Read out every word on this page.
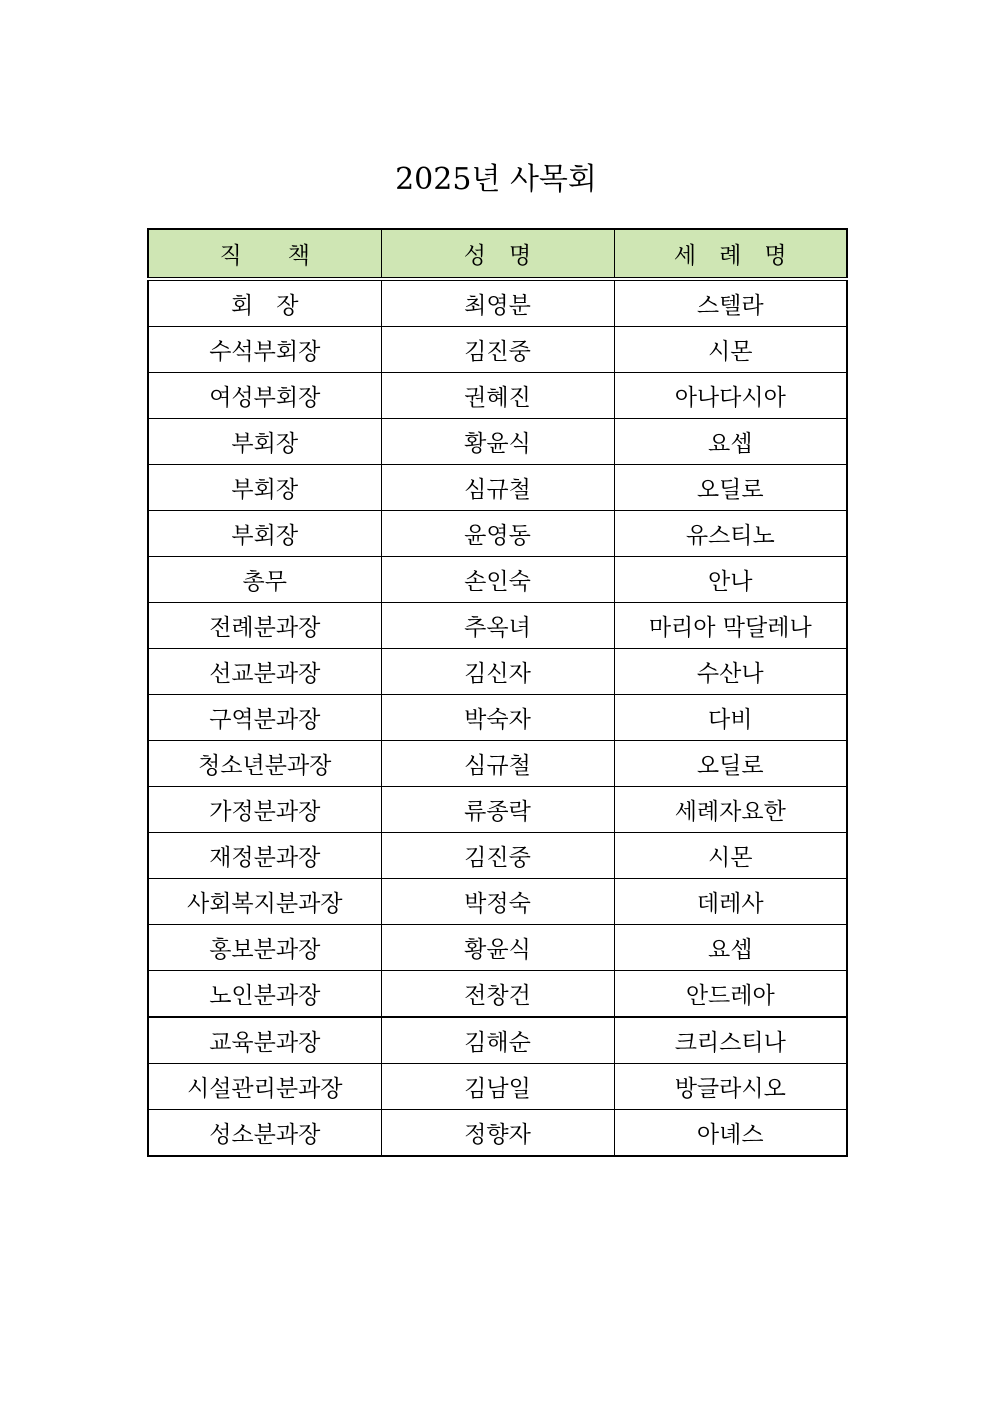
2025년 사목회
직　　책	성　명	세　례　명
회　장	최영분	스텔라
수석부회장	김진중	시몬
여성부회장	권혜진	아나다시아
부회장	황윤식	요셉
부회장	심규철	오딜로
부회장	윤영동	유스티노
총무	손인숙	안나
전례분과장	추옥녀	마리아 막달레나
선교분과장	김신자	수산나
구역분과장	박숙자	다비
청소년분과장	심규철	오딜로
가정분과장	류종락	세례자요한
재정분과장	김진중	시몬
사회복지분과장	박정숙	데레사
홍보분과장	황윤식	요셉
노인분과장	전창건	안드레아
교육분과장	김해순	크리스티나
시설관리분과장	김남일	방글라시오
성소분과장	정향자	아녜스
